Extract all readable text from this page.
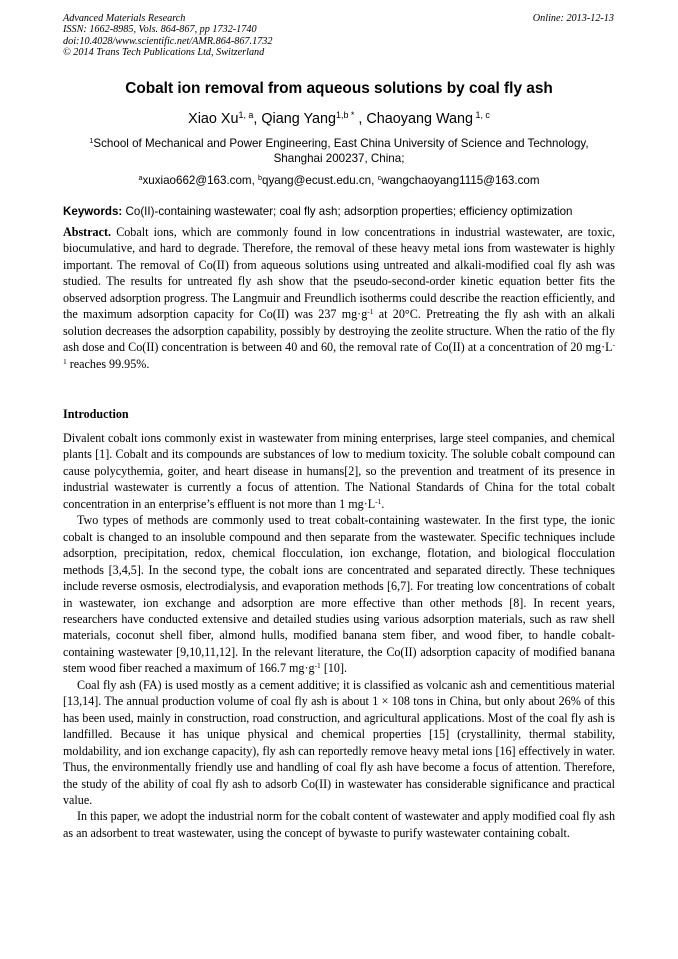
Advanced Materials Research
ISSN: 1662-8985, Vols. 864-867, pp 1732-1740
doi:10.4028/www.scientific.net/AMR.864-867.1732
© 2014 Trans Tech Publications Ltd, Switzerland
Online: 2013-12-13
Cobalt ion removal from aqueous solutions by coal fly ash
Xiao Xu$^{1, a}$, Qiang Yang$^{1,b *}$ , Chaoyang Wang $^{1, c}$
$^1$School of Mechanical and Power Engineering, East China University of Science and Technology, Shanghai 200237, China;
$^a$xuxiao662@163.com, $^b$qyang@ecust.edu.cn, $^c$wangchaoyang1115@163.com
Keywords: Co(II)-containing wastewater; coal fly ash; adsorption properties; efficiency optimization
Abstract. Cobalt ions, which are commonly found in low concentrations in industrial wastewater, are toxic, biocumulative, and hard to degrade. Therefore, the removal of these heavy metal ions from wastewater is highly important. The removal of Co(II) from aqueous solutions using untreated and alkali-modified coal fly ash was studied. The results for untreated fly ash show that the pseudo-second-order kinetic equation better fits the observed adsorption progress. The Langmuir and Freundlich isotherms could describe the reaction efficiently, and the maximum adsorption capacity for Co(II) was 237 $mg\cdot g^{-1}$ at 20°C. Pretreating the fly ash with an alkali solution decreases the adsorption capability, possibly by destroying the zeolite structure. When the ratio of the fly ash dose and Co(II) concentration is between 40 and 60, the removal rate of Co(II) at a concentration of 20 $mg\cdot L^{-1}$ reaches 99.95%.
Introduction

Divalent cobalt ions commonly exist in wastewater from mining enterprises, large steel companies, and chemical plants [1]. Cobalt and its compounds are substances of low to medium toxicity. The soluble cobalt compound can cause polycythemia, goiter, and heart disease in humans[2], so the prevention and treatment of its presence in industrial wastewater is currently a focus of attention. The National Standards of China for the total cobalt concentration in an enterprise’s effluent is not more than 1 $mg\cdot L^{-1}$.

Two types of methods are commonly used to treat cobalt-containing wastewater. In the first type, the ionic cobalt is changed to an insoluble compound and then separate from the wastewater. Specific techniques include adsorption, precipitation, redox, chemical flocculation, ion exchange, flotation, and biological flocculation methods [3,4,5]. In the second type, the cobalt ions are concentrated and separated directly. These techniques include reverse osmosis, electrodialysis, and evaporation methods [6,7]. For treating low concentrations of cobalt in wastewater, ion exchange and adsorption are more effective than other methods [8]. In recent years, researchers have conducted extensive and detailed studies using various adsorption materials, such as raw shell materials, coconut shell fiber, almond hulls, modified banana stem fiber, and wood fiber, to handle cobalt-containing wastewater [9,10,11,12]. In the relevant literature, the Co(II) adsorption capacity of modified banana stem wood fiber reached a maximum of 166.7 $mg\cdot g^{-1}$ [10].

Coal fly ash (FA) is used mostly as a cement additive; it is classified as volcanic ash and cementitious material [13,14]. The annual production volume of coal fly ash is about 1 × 108 tons in China, but only about 26% of this has been used, mainly in construction, road construction, and agricultural applications. Most of the coal fly ash is landfilled. Because it has unique physical and chemical properties [15] (crystallinity, thermal stability, moldability, and ion exchange capacity), fly ash can reportedly remove heavy metal ions [16] effectively in water. Thus, the environmentally friendly use and handling of coal fly ash have become a focus of attention. Therefore, the study of the ability of coal fly ash to adsorb Co(II) in wastewater has considerable significance and practical value.

In this paper, we adopt the industrial norm for the cobalt content of wastewater and apply modified coal fly ash as an adsorbent to treat wastewater, using the concept of bywaste to purify wastewater containing cobalt.
